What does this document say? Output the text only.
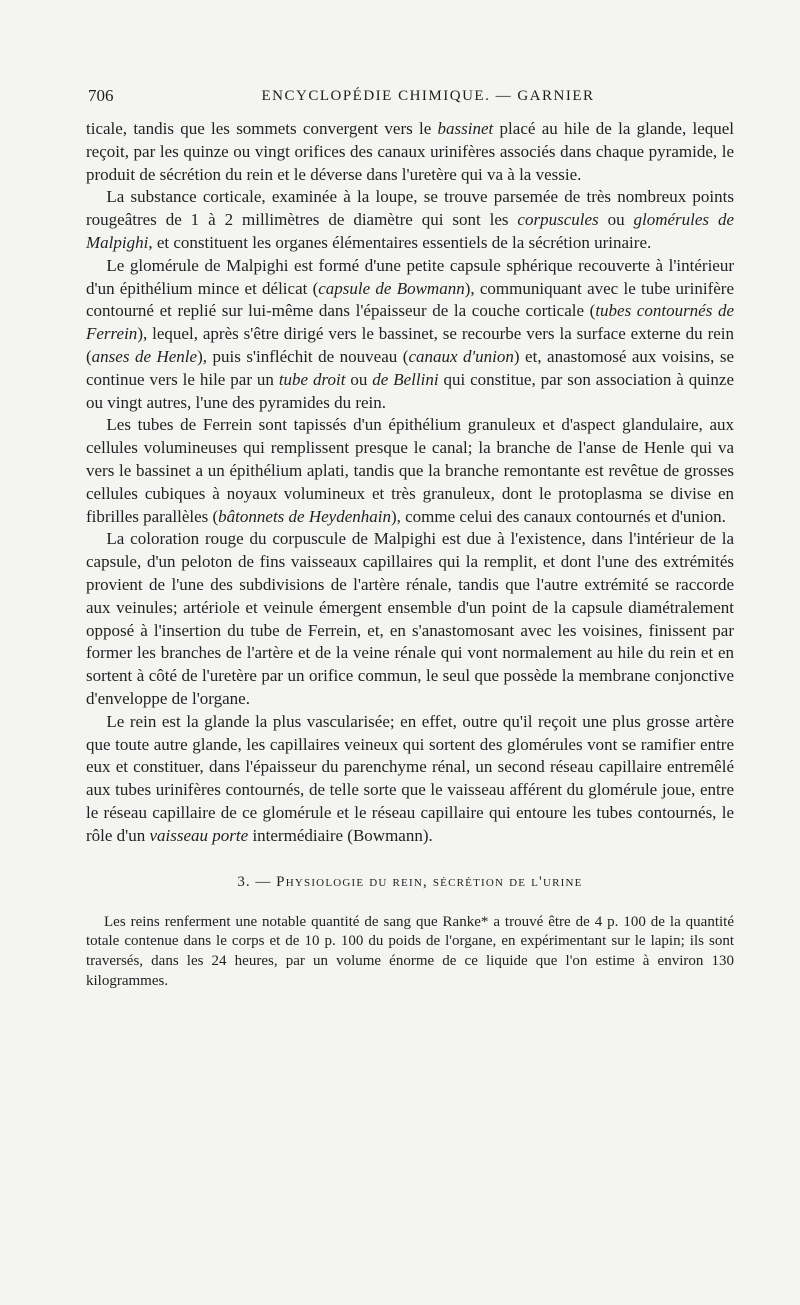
706	ENCYCLOPÉDIE CHIMIQUE. — GARNIER

ticale, tandis que les sommets convergent vers le bassinet placé au hile de la glande, lequel reçoit, par les quinze ou vingt orifices des canaux urinifères associés dans chaque pyramide, le produit de sécrétion du rein et le déverse dans l'uretère qui va à la vessie.

La substance corticale, examinée à la loupe, se trouve parsemée de très nombreux points rougeâtres de 1 à 2 millimètres de diamètre qui sont les corpuscules ou glomérules de Malpighi, et constituent les organes élémentaires essentiels de la sécrétion urinaire.

Le glomérule de Malpighi est formé d'une petite capsule sphérique recouverte à l'intérieur d'un épithélium mince et délicat (capsule de Bowmann), communiquant avec le tube urinifère contourné et replié sur lui-même dans l'épaisseur de la couche corticale (tubes contournés de Ferrein), lequel, après s'être dirigé vers le bassinet, se recourbe vers la surface externe du rein (anses de Henle), puis s'infléchit de nouveau (canaux d'union) et, anastomosé aux voisins, se continue vers le hile par un tube droit ou de Bellini qui constitue, par son association à quinze ou vingt autres, l'une des pyramides du rein.

Les tubes de Ferrein sont tapissés d'un épithélium granuleux et d'aspect glandulaire, aux cellules volumineuses qui remplissent presque le canal; la branche de l'anse de Henle qui va vers le bassinet a un épithélium aplati, tandis que la branche remontante est revêtue de grosses cellules cubiques à noyaux volumineux et très granuleux, dont le protoplasma se divise en fibrilles parallèles (bâtonnets de Heydenhain), comme celui des canaux contournés et d'union.

La coloration rouge du corpuscule de Malpighi est due à l'existence, dans l'intérieur de la capsule, d'un peloton de fins vaisseaux capillaires qui la remplit, et dont l'une des extrémités provient de l'une des subdivisions de l'artère rénale, tandis que l'autre extrémité se raccorde aux veinules; artériole et veinule émergent ensemble d'un point de la capsule diamétralement opposé à l'insertion du tube de Ferrein, et, en s'anastomosant avec les voisines, finissent par former les branches de l'artère et de la veine rénale qui vont normalement au hile du rein et en sortent à côté de l'uretère par un orifice commun, le seul que possède la membrane conjonctive d'enveloppe de l'organe.

Le rein est la glande la plus vascularisée; en effet, outre qu'il reçoit une plus grosse artère que toute autre glande, les capillaires veineux qui sortent des glomérules vont se ramifier entre eux et constituer, dans l'épaisseur du parenchyme rénal, un second réseau capillaire entremêlé aux tubes urinifères contournés, de telle sorte que le vaisseau afférent du glomérule joue, entre le réseau capillaire de ce glomérule et le réseau capillaire qui entoure les tubes contournés, le rôle d'un vaisseau porte intermédiaire (Bowmann).

3. — Physiologie du rein, sécrétion de l'urine

Les reins renferment une notable quantité de sang que Ranke* a trouvé être de 4 p. 100 de la quantité totale contenue dans le corps et de 10 p. 100 du poids de l'organe, en expérimentant sur le lapin; ils sont traversés, dans les 24 heures, par un volume énorme de ce liquide que l'on estime à environ 130 kilogrammes.
